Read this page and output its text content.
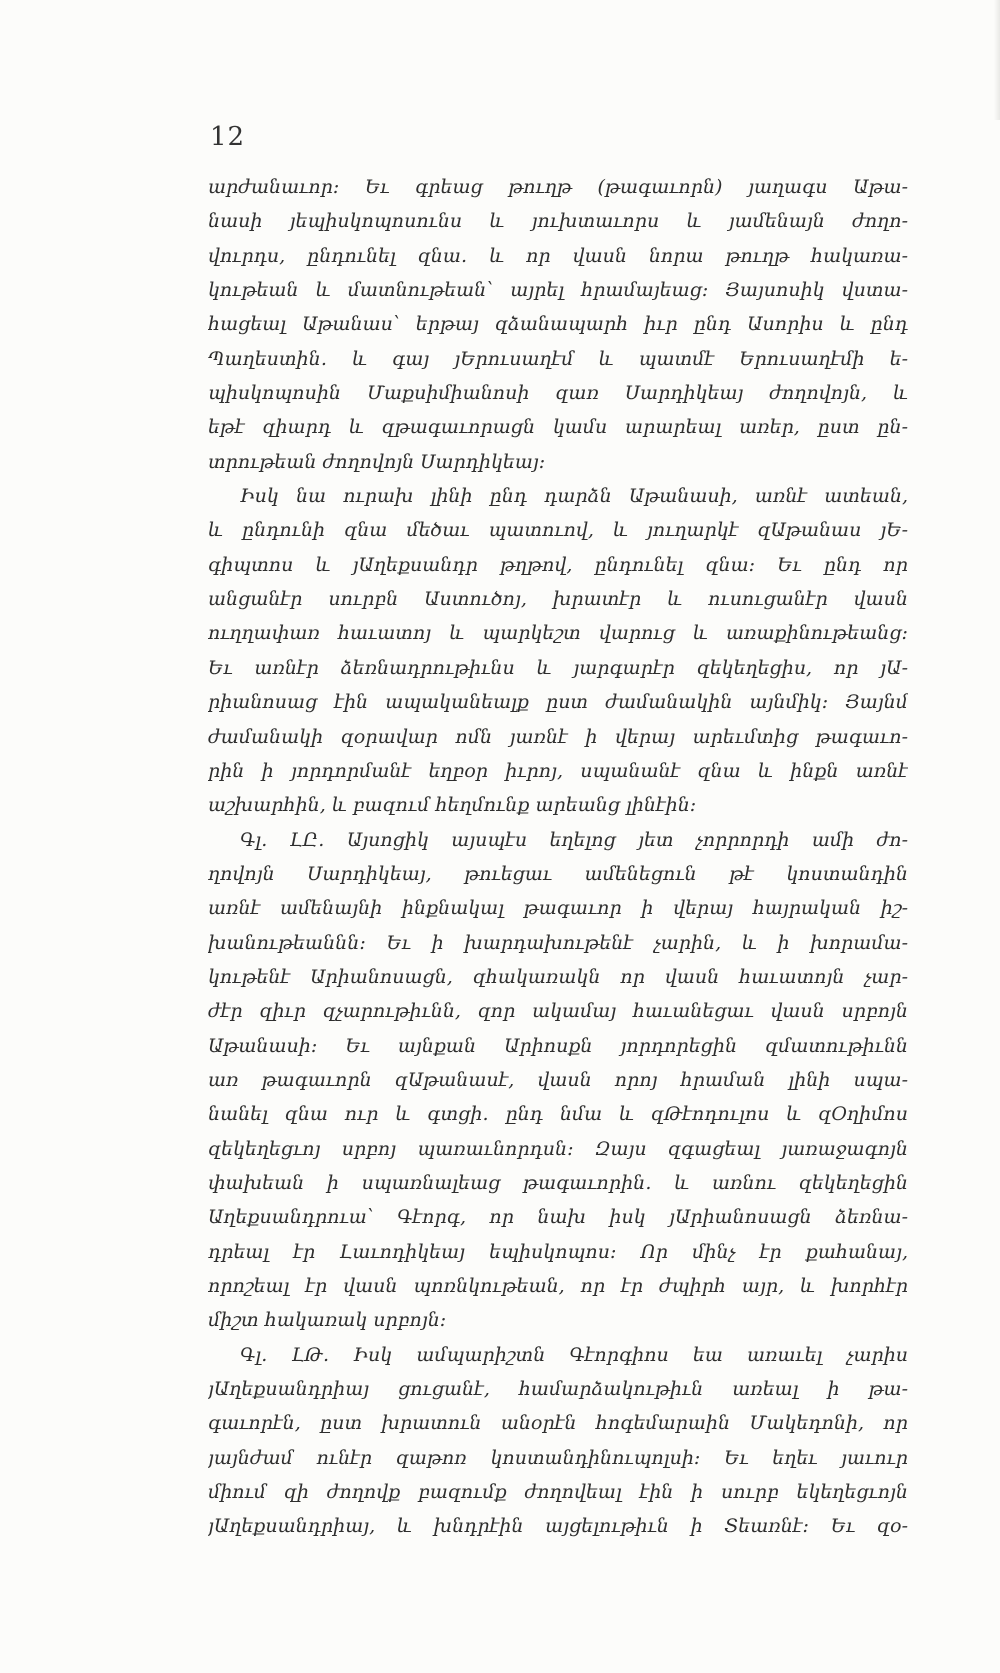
12
արժանաւոր։ Եւ գրեաց թուղթ (թագաւորն) յաղագս Աթա-
նասի յեպիսկոպոսունս և յուխտաւորս և յամենայն ժողո-
վուրդս, ընդունել զնա․ և որ վասն նորա թուղթ հակառա-
կութեան և մատնութեան՝ այրել հրամայեաց։ Յայսոսիկ վստա-
հացեալ Աթանաս՝ երթայ զձանապարհ իւր ընդ Ասորիս և ընդ
Պաղեստին․ և գայ յԵրուսաղէմ և պատմէ Երուսաղէմի ե-
պիսկոպոսին Մաքսիմիանոսի զառ Սարդիկեայ ժողովոյն, և
եթէ զիարդ և զթագաւորացն կամս արարեալ առեր, ըստ ըն-
տրութեան ժողովոյն Սարդիկեայ։
Իսկ նա ուրախ լինի ընդ դարձն Աթանասի, առնէ ատեան,
և ընդունի զնա մեծաւ պատուով, և յուղարկէ զԱթանաս յԵ-
գիպտոս և յԱղեքսանդր թղթով, ընդունել զնա։ Եւ ընդ որ
անցանէր սուրբն Աստուծոյ, խրատէր և ուսուցանէր վասն
ուղղափառ հաւատոյ և պարկեշտ վարուց և առաքինութեանց։
Եւ առնէր ձեռնադրութիւնս և յարգարէր զեկեղեցիս, որ յԱ-
րիանոսաց էին ապականեալք ըստ ժամանակին այնմիկ։ Յայնմ
ժամանակի զօրավար ոմն յառնէ ի վերայ արեւմտից թագաւո-
րին ի յորդորմանէ եղբօր իւրոյ, սպանանէ զնա և ինքն առնէ
աշխարհին, և բազում հեղմունք արեանց լինէին։
Գլ․ ԼԸ․ Այսոցիկ այսպէս եղելոց յետ չորրորդի ամի ժո-
ղովոյն Սարդիկեայ, թուեցաւ ամենեցուն թէ կոստանդին
առնէ ամենայնի ինքնակալ թագաւոր ի վերայ հայրական իշ-
խանութեաննն։ Եւ ի խարդախութենէ չարին, և ի խորամա-
կութենէ Արիանոսացն, զհակառակն որ վասն հաւատոյն չար-
ժէր զիւր զչարութիւնն, զոր ակամայ հաւանեցաւ վասն սրբոյն
Աթանասի։ Եւ այնքան Արիոսքն յորդորեցին զմատութիւնն
առ թագաւորն զԱթանասէ, վասն որոյ հրաման լինի սպա-
նանել զնա ուր և գտցի․ ընդ նմա և զԹէոդուլոս և զՕղիմոս
զեկեղեցւոյ սրբոյ պառաւնորդսն։ Զայս զգացեալ յառաջագոյն
փախեան ի սպառնալեաց թագաւորին․ և առնու զեկեղեցին
Աղեքսանդրուա՝ Գէորգ, որ նախ իսկ յԱրիանոսացն ձեռնա-
դրեալ էր Լաւոդիկեայ եպիսկոպոս։ Որ մինչ էր քահանայ,
որոշեալ էր վասն պոռնկութեան, որ էր ժպիրհ այր, և խորհէր
միշտ հակառակ սրբոյն։
Գլ․ ԼԹ․ Իսկ ամպարիշտն Գէորգիոս եա առաւել չարիս
յԱղեքսանդրիայ ցուցանէ, համարձակութիւն առեալ ի թա-
գաւորէն, ըստ խրատուն անօրէն հոգեմարաին Մակեդոնի, որ
յայնժամ ունէր զաթոռ կոստանդինուպոլսի։ Եւ եղեւ յաւուր
միում զի ժողովք բազումք ժողովեալ էին ի սուրբ եկեղեցւոյն
յԱղեքսանդրիայ, և խնդրէին այցելութիւն ի Տեառնէ։ Եւ զօ-
